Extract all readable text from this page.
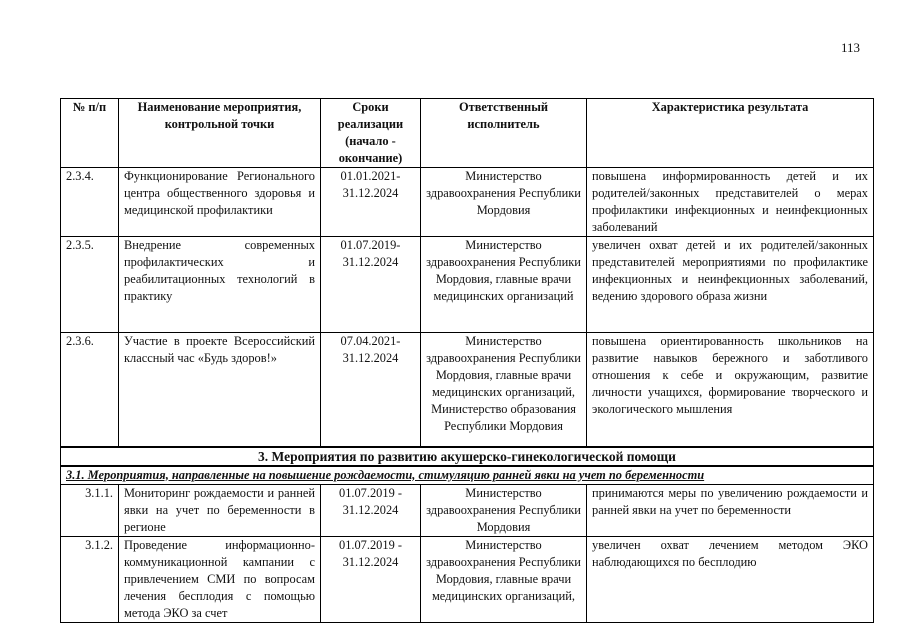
113
№ п/п	Наименование мероприятия, контрольной точки	Сроки реализации (начало - окончание)	Ответственный исполнитель	Характеристика результата
2.3.4.	Функционирование Регионального центра общественного здоровья и медицинской профилактики	01.01.2021- 31.12.2024	Министерство здравоохранения Республики Мордовия	повышена информированность детей и их родителей/законных представителей о мерах профилактики инфекционных и неинфекционных заболеваний
2.3.5.	Внедрение современных профилактических и реабилитационных технологий в практику	01.07.2019- 31.12.2024	Министерство здравоохранения Республики Мордовия, главные врачи медицинских организаций	увеличен охват детей и их родителей/законных представителей мероприятиями по профилактике инфекционных и неинфекционных заболеваний, ведению здорового образа жизни
2.3.6.	Участие в проекте Всероссийский классный час «Будь здоров!»	07.04.2021- 31.12.2024	Министерство здравоохранения Республики Мордовия, главные врачи медицинских организаций, Министерство образования Республики Мордовия	повышена ориентированность школьников на развитие навыков бережного и заботливого отношения к себе и окружающим, развитие личности учащихся, формирование творческого и экологического мышления
3. Мероприятия по развитию акушерско-гинекологической помощи				
3.1. Мероприятия, направленные на повышение рождаемости, стимуляцию ранней явки на учет по беременности				
3.1.1.	Мониторинг рождаемости и ранней явки на учет по беременности в регионе	01.07.2019 - 31.12.2024	Министерство здравоохранения Республики Мордовия	принимаются меры по увеличению рождаемости и ранней явки на учет по беременности
3.1.2.	Проведение информационно-коммуникационной кампании с привлечением СМИ по вопросам лечения бесплодия с помощью метода ЭКО за счет	01.07.2019 - 31.12.2024	Министерство здравоохранения Республики Мордовия, главные врачи медицинских организаций,	увеличен охват лечением методом ЭКО наблюдающихся по бесплодию
